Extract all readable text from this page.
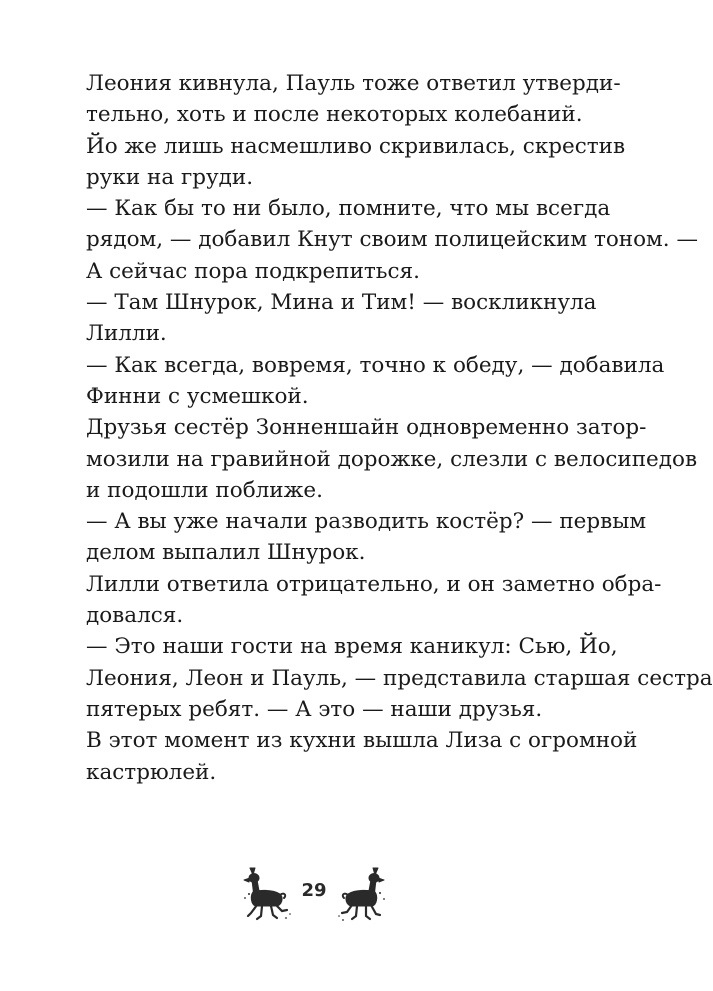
Леония кивнула, Пауль тоже ответил утверди-
тельно, хоть и после некоторых колебаний.
Йо же лишь насмешливо скривилась, скрестив
руки на груди.
— Как бы то ни было, помните, что мы всегда
рядом, — добавил Кнут своим полицейским тоном. —
А сейчас пора подкрепиться.
— Там Шнурок, Мина и Тим! — воскликнула
Лилли.
— Как всегда, вовремя, точно к обеду, — добавила
Финни с усмешкой.
Друзья сестёр Зонненшайн одновременно затор-
мозили на гравийной дорожке, слезли с велосипедов
и подошли поближе.
— А вы уже начали разводить костёр? — первым
делом выпалил Шнурок.
Лилли ответила отрицательно, и он заметно обра-
довался.
— Это наши гости на время каникул: Сью, Йо,
Леония, Леон и Пауль, — представила старшая сестра
пятерых ребят. — А это — наши друзья.
В этот момент из кухни вышла Лиза с огромной
кастрюлей.
29
